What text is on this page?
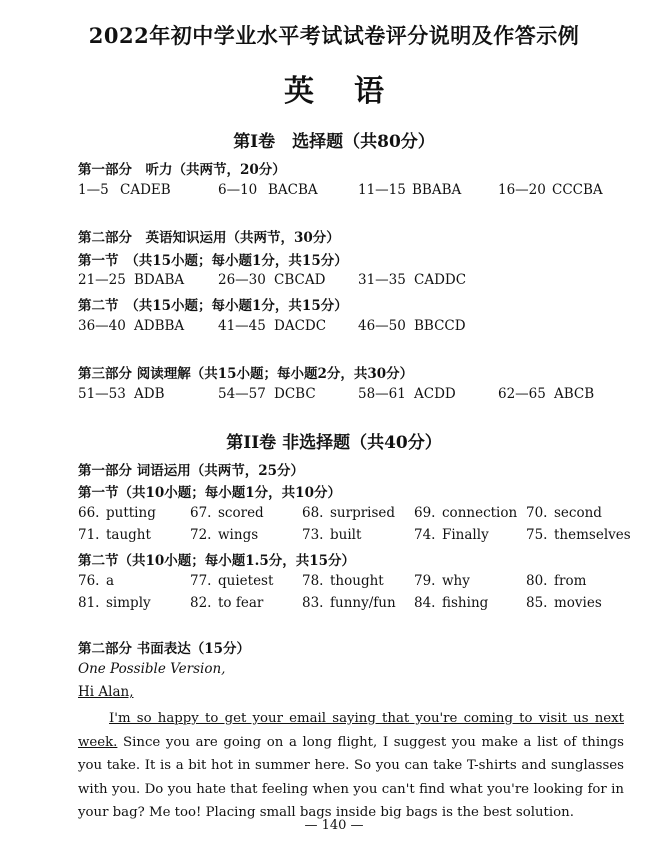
2022年初中学业水平考试试卷评分说明及作答示例
英语
第I卷　选择题（共80分）
第一部分　听力（共两节，20分）
1—5 CADEB	6—10 BACBA	11—15 BBABA	16—20 CCCBA
第二部分　英语知识运用（共两节，30分）
第一节　（共15小题；每小题1分，共15分）
21—25 BDABA	26—30 CBCAD 31—35 CADDC
第二节　（共15小题；每小题1分，共15分）
36—40 ADBBA	41—45 DACDC 46—50 BBCCD
第三部分 阅读理解（共15小题；每小题2分，共30分）
51—53 ADB	54—57 DCBC	58—61 ACDD	62—65 ABCB
第II卷 非选择题（共40分）
第一部分 词语运用（共两节，25分）
第一节（共10小题；每小题1分，共10分）
66. putting	67. scored	68. surprised 69. connection 70. second
71. taught	72. wings	73. built	74. Finally	75. themselves
第二节（共10小题；每小题1.5分，共15分）
76. a	77. quietest 78. thought 79. why	80. from
81. simply	82. to fear	83. funny/fun 84. fishing	85. movies
第二部分 书面表达（15分）
One Possible Version,
Hi Alan,
I'm so happy to get your email saying that you're coming to visit us next week. Since you are going on a long flight, I suggest you make a list of things you take. It is a bit hot in summer here. So you can take T-shirts and sunglasses with you. Do you hate that feeling when you can't find what you're looking for in your bag? Me too! Placing small bags inside big bags is the best solution.
— 140 —
